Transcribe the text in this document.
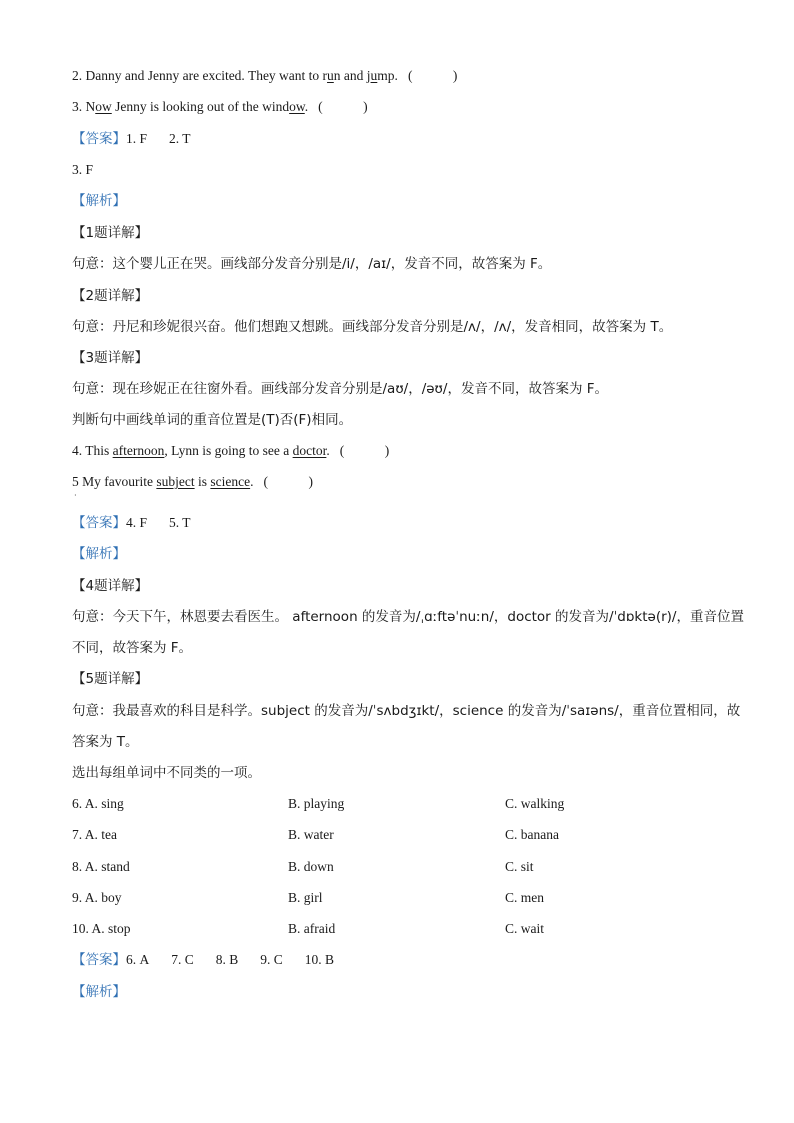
2. Danny and Jenny are excited. They want to run and jump. (　　　)
3. Now Jenny is looking out of the window. (　　　)
【答案】1. F 2. T
3. F
【解析】
【1题详解】
句意：这个婴儿正在哭。画线部分发音分别是/i/，/aɪ/，发音不同，故答案为 F。
【2题详解】
句意：丹尼和珍妮很兴奋。他们想跑又想跳。画线部分发音分别是/ʌ/，/ʌ/，发音相同，故答案为 T。
【3题详解】
句意：现在珍妮正在往窗外看。画线部分发音分别是/aʊ/，/əʊ/，发音不同，故答案为 F。
判断句中画线单词的重音位置是(T)否(F)相同。
4. This afternoon, Lynn is going to see a doctor. (　　　)
5 My favourite subject is science. (　　　)
·
【答案】4. F 5. T
【解析】
【4题详解】
句意：今天下午，林恩要去看医生。 afternoon 的发音为/ˌɑːftəˈnuːn/，doctor 的发音为/ˈdɒktə(r)/，重音位置
不同，故答案为 F。
【5题详解】
句意：我最喜欢的科目是科学。subject 的发音为/ˈsʌbdʒɪkt/，science 的发音为/ˈsaɪəns/，重音位置相同，故
答案为 T。
选出每组单词中不同类的一项。
6. A. sing	B. playing	C. walking
7. A. tea	B. water	C. banana
8. A. stand	B. down	C. sit
9. A. boy	B. girl	C. men
10. A. stop	B. afraid	C. wait
【答案】6. A 7. C 8. B 9. C 10. B
【解析】
